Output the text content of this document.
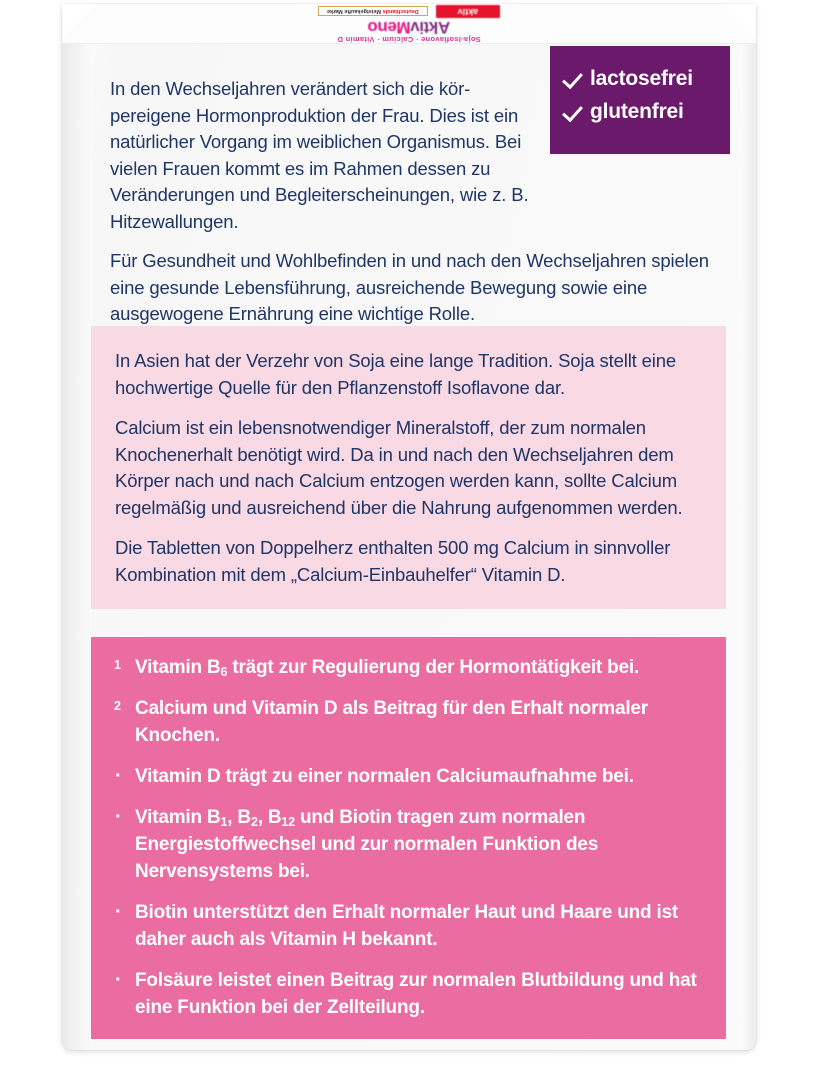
Soja-Isoflavone · Calcium · Vitamin D
AktivMeno
aktiv
Deutschlands Meistgekaufte Marke
lactosefrei
glutenfrei

In den Wechseljahren verändert sich die körpereigene Hormonproduktion der Frau. Dies ist ein natürlicher Vorgang im weiblichen Organismus. Bei vielen Frauen kommt es im Rahmen dessen zu Veränderungen und Begleiterscheinungen, wie z. B. Hitzewallungen.

Für Gesundheit und Wohlbefinden in und nach den Wechseljahren spielen eine gesunde Lebensführung, ausreichende Bewegung sowie eine ausgewogene Ernährung eine wichtige Rolle.

In Asien hat der Verzehr von Soja eine lange Tradition. Soja stellt eine hochwertige Quelle für den Pflanzenstoff Isoflavone dar.

Calcium ist ein lebensnotwendiger Mineralstoff, der zum normalen Knochenerhalt benötigt wird. Da in und nach den Wechseljahren dem Körper nach und nach Calcium entzogen werden kann, sollte Calcium regelmäßig und ausreichend über die Nahrung aufgenommen werden.

Die Tabletten von Doppelherz enthalten 500 mg Calcium in sinnvoller Kombination mit dem „Calcium-Einbauhelfer“ Vitamin D.

1 Vitamin $B_6$ trägt zur Regulierung der Hormontätigkeit bei.
2 Calcium und Vitamin D als Beitrag für den Erhalt normaler Knochen.
· Vitamin D trägt zu einer normalen Calciumaufnahme bei.
· Vitamin $B_1$, $B_2$, $B_{12}$ und Biotin tragen zum normalen Energiestoffwechsel und zur normalen Funktion des Nervensystems bei.
· Biotin unterstützt den Erhalt normaler Haut und Haare und ist daher auch als Vitamin H bekannt.
· Folsäure leistet einen Beitrag zur normalen Blutbildung und hat eine Funktion bei der Zellteilung.
